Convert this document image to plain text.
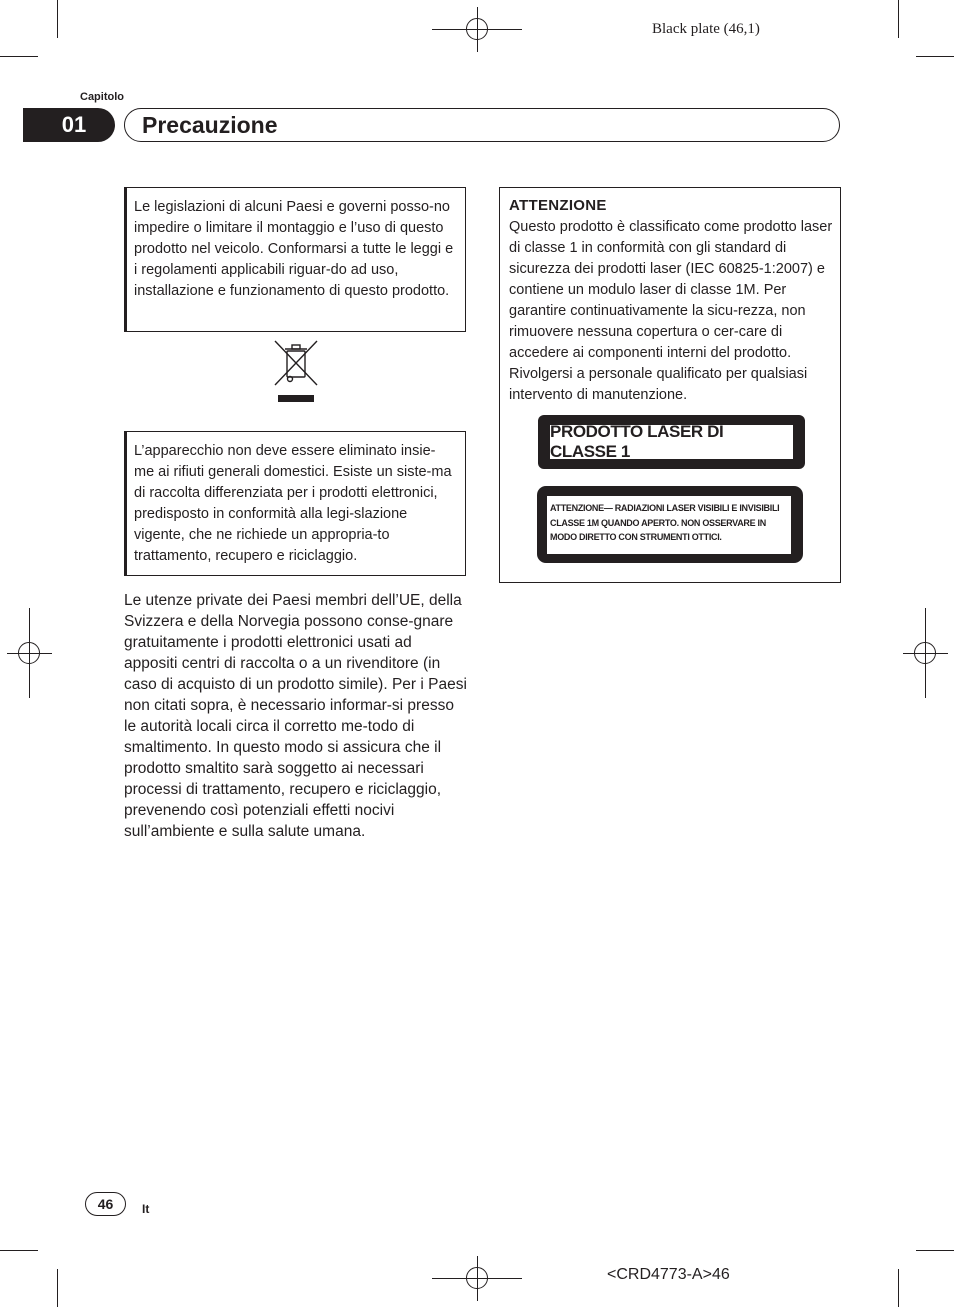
Black plate (46,1)
Capitolo
01	Precauzione
Le legislazioni di alcuni Paesi e governi posso-no impedire o limitare il montaggio e l’uso di questo prodotto nel veicolo. Conformarsi a tutte le leggi e i regolamenti applicabili riguar-do ad uso, installazione e funzionamento di questo prodotto.
L’apparecchio non deve essere eliminato insie-me ai rifiuti generali domestici. Esiste un siste-ma di raccolta differenziata per i prodotti elettronici, predisposto in conformità alla legi-slazione vigente, che ne richiede un appropria-to trattamento, recupero e riciclaggio.
Le utenze private dei Paesi membri dell’UE, della Svizzera e della Norvegia possono conse-gnare gratuitamente i prodotti elettronici usati ad appositi centri di raccolta o a un rivenditore (in caso di acquisto di un prodotto simile). Per i Paesi non citati sopra, è necessario informar-si presso le autorità locali circa il corretto me-todo di smaltimento. In questo modo si assicura che il prodotto smaltito sarà soggetto ai necessari processi di trattamento, recupero e riciclaggio, prevenendo così potenziali effetti nocivi sull’ambiente e sulla salute umana.
ATTENZIONE
Questo prodotto è classificato come prodotto laser di classe 1 in conformità con gli standard di sicurezza dei prodotti laser (IEC 60825-1:2007) e contiene un modulo laser di classe 1M. Per garantire continuativamente la sicu-rezza, non rimuovere nessuna copertura o cer-care di accedere ai componenti interni del prodotto. Rivolgersi a personale qualificato per qualsiasi intervento di manutenzione.
PRODOTTO LASER DI CLASSE 1
ATTENZIONE— RADIAZIONI LASER VISIBILI E INVISIBILI CLASSE 1M QUANDO APERTO. NON OSSERVARE IN MODO DIRETTO CON STRUMENTI OTTICI.
46	It
<CRD4773-A>46
